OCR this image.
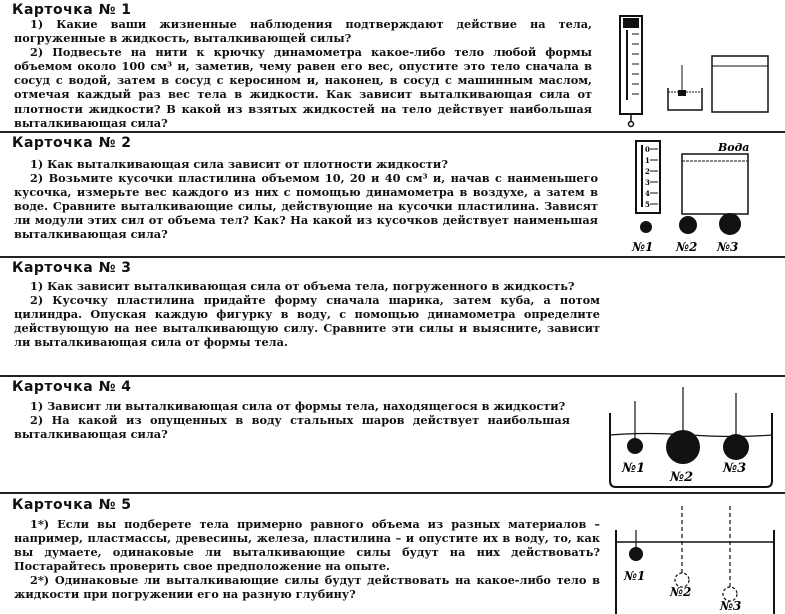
Карточка № 1

1) Какие ваши жизненные наблюдения подтверждают действие на тела, погруженные в жидкость, выталкивающей силы?

2) Подвесьте на нити к крючку динамометра какое-либо тело любой формы объемом около 100 см³ и, заметив, чему равен его вес, опустите это тело сначала в сосуд с водой, затем в сосуд с керосином и, наконец, в сосуд с машинным маслом, отмечая каждый раз вес тела в жидкости. Как зависит выталкивающая сила от плотности жидкости? В какой из взятых жидкостей на тело действует наибольшая выталкивающая сила?

Карточка № 2

1) Как выталкивающая сила зависит от плотности жидкости?

2) Возьмите кусочки пластилина объемом 10, 20 и 40 см³ и, начав с наименьшего кусочка, измерьте вес каждого из них с помощью динамометра в воздухе, а затем в воде. Сравните выталкивающие силы, действующие на кусочки пластилина. Зависят ли модули этих сил от объема тел? Как? На какой из кусочков действует наименьшая выталкивающая сила?

0
1
2
3
4
5
Вода
№1 №2 №3
Карточка № 3

1) Как зависит выталкивающая сила от объема тела, погруженного в жидкость?

2) Кусочку пластилина придайте форму сначала шарика, затем куба, а потом цилиндра. Опуская каждую фигурку в воду, с помощью динамометра определите действующую на нее выталкивающую силу. Сравните эти силы и выясните, зависит ли выталкивающая сила от формы тела.

Карточка № 4

1) Зависит ли выталкивающая сила от формы тела, находящегося в жидкости?

2) На какой из опущенных в воду стальных шаров действует наибольшая выталкивающая сила?

№1
№2
№3
Карточка № 5

1*) Если вы подберете тела примерно равного объема из разных материалов – например, пластмассы, древесины, железа, пластилина – и опустите их в воду, то, как вы думаете, одинаковые ли выталкивающие силы будут на них действовать? Постарайтесь проверить свое предположение на опыте.

2*) Одинаковые ли выталкивающие силы будут действовать на какое-либо тело в жидкости при погружении его на разную глубину?

№1
№2
№3
